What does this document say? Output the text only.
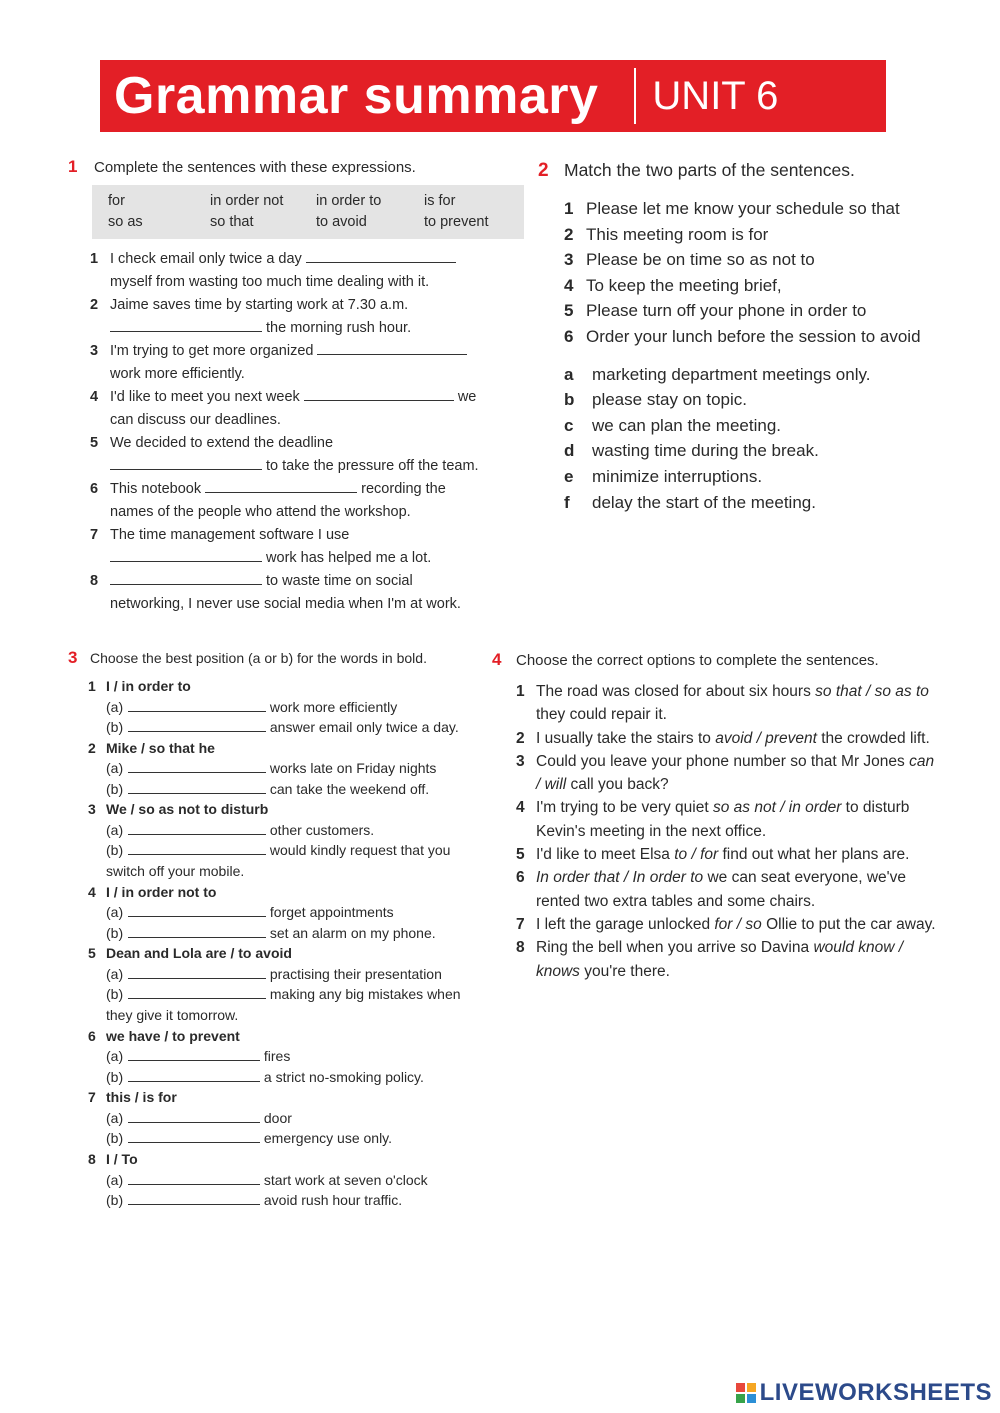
Grammar summary UNIT 6
1	Complete the sentences with these expressions.
for	in order not	in order to	is for
so as	so that	to avoid	to prevent
1 I check email only twice a day
myself from wasting too much time dealing with it.
2 Jaime saves time by starting work at 7.30 a.m.
the morning rush hour.
3 I'm trying to get more organized
work more efficiently.
4 I'd like to meet you next week	we
can discuss our deadlines.
5 We decided to extend the deadline
to take the pressure off the team.
6 This notebook	recording the
names of the people who attend the workshop.
7 The time management software I use
work has helped me a lot.
8	to waste time on social
networking, I never use social media when I'm at work.
2 Match the two parts of the sentences.
1 Please let me know your schedule so that
2 This meeting room is for
3 Please be on time so as not to
4 To keep the meeting brief,
5 Please turn off your phone in order to
6 Order your lunch before the session to avoid
a	marketing department meetings only.
b	please stay on topic.
c	we can plan the meeting.
d	wasting time during the break.
e	minimize interruptions.
f	delay the start of the meeting.
3 Choose the best position (a or b) for the words in bold.
1 I / in order to
(a)	work more efficiently
(b)	answer email only twice a day.
2 Mike / so that he
(a)	works late on Friday nights
(b)	can take the weekend off.
3 We / so as not to disturb
(a)	other customers.
(b)	would kindly request that you
switch off your mobile.
4 I / in order not to
(a)	forget appointments
(b)	set an alarm on my phone.
5 Dean and Lola are / to avoid
(a)	practising their presentation
(b)	making any big mistakes when
they give it tomorrow.
6 we have / to prevent
(a)	fires
(b)	a strict no-smoking policy.
7 this / is for
(a)	door
(b)	emergency use only.
8 I / To
(a)	start work at seven o'clock
(b)	avoid rush hour traffic.
4 Choose the correct options to complete the sentences.
1 The road was closed for about six hours so that / so as to they could repair it.
2 I usually take the stairs to avoid / prevent the crowded lift.
3 Could you leave your phone number so that Mr Jones can / will call you back?
4 I'm trying to be very quiet so as not / in order to disturb Kevin's meeting in the next office.
5 I'd like to meet Elsa to / for find out what her plans are.
6 In order that / In order to we can seat everyone, we've rented two extra tables and some chairs.
7 I left the garage unlocked for / so Ollie to put the car away.
8 Ring the bell when you arrive so Davina would know / knows you're there.
LIVEWORKSHEETS
